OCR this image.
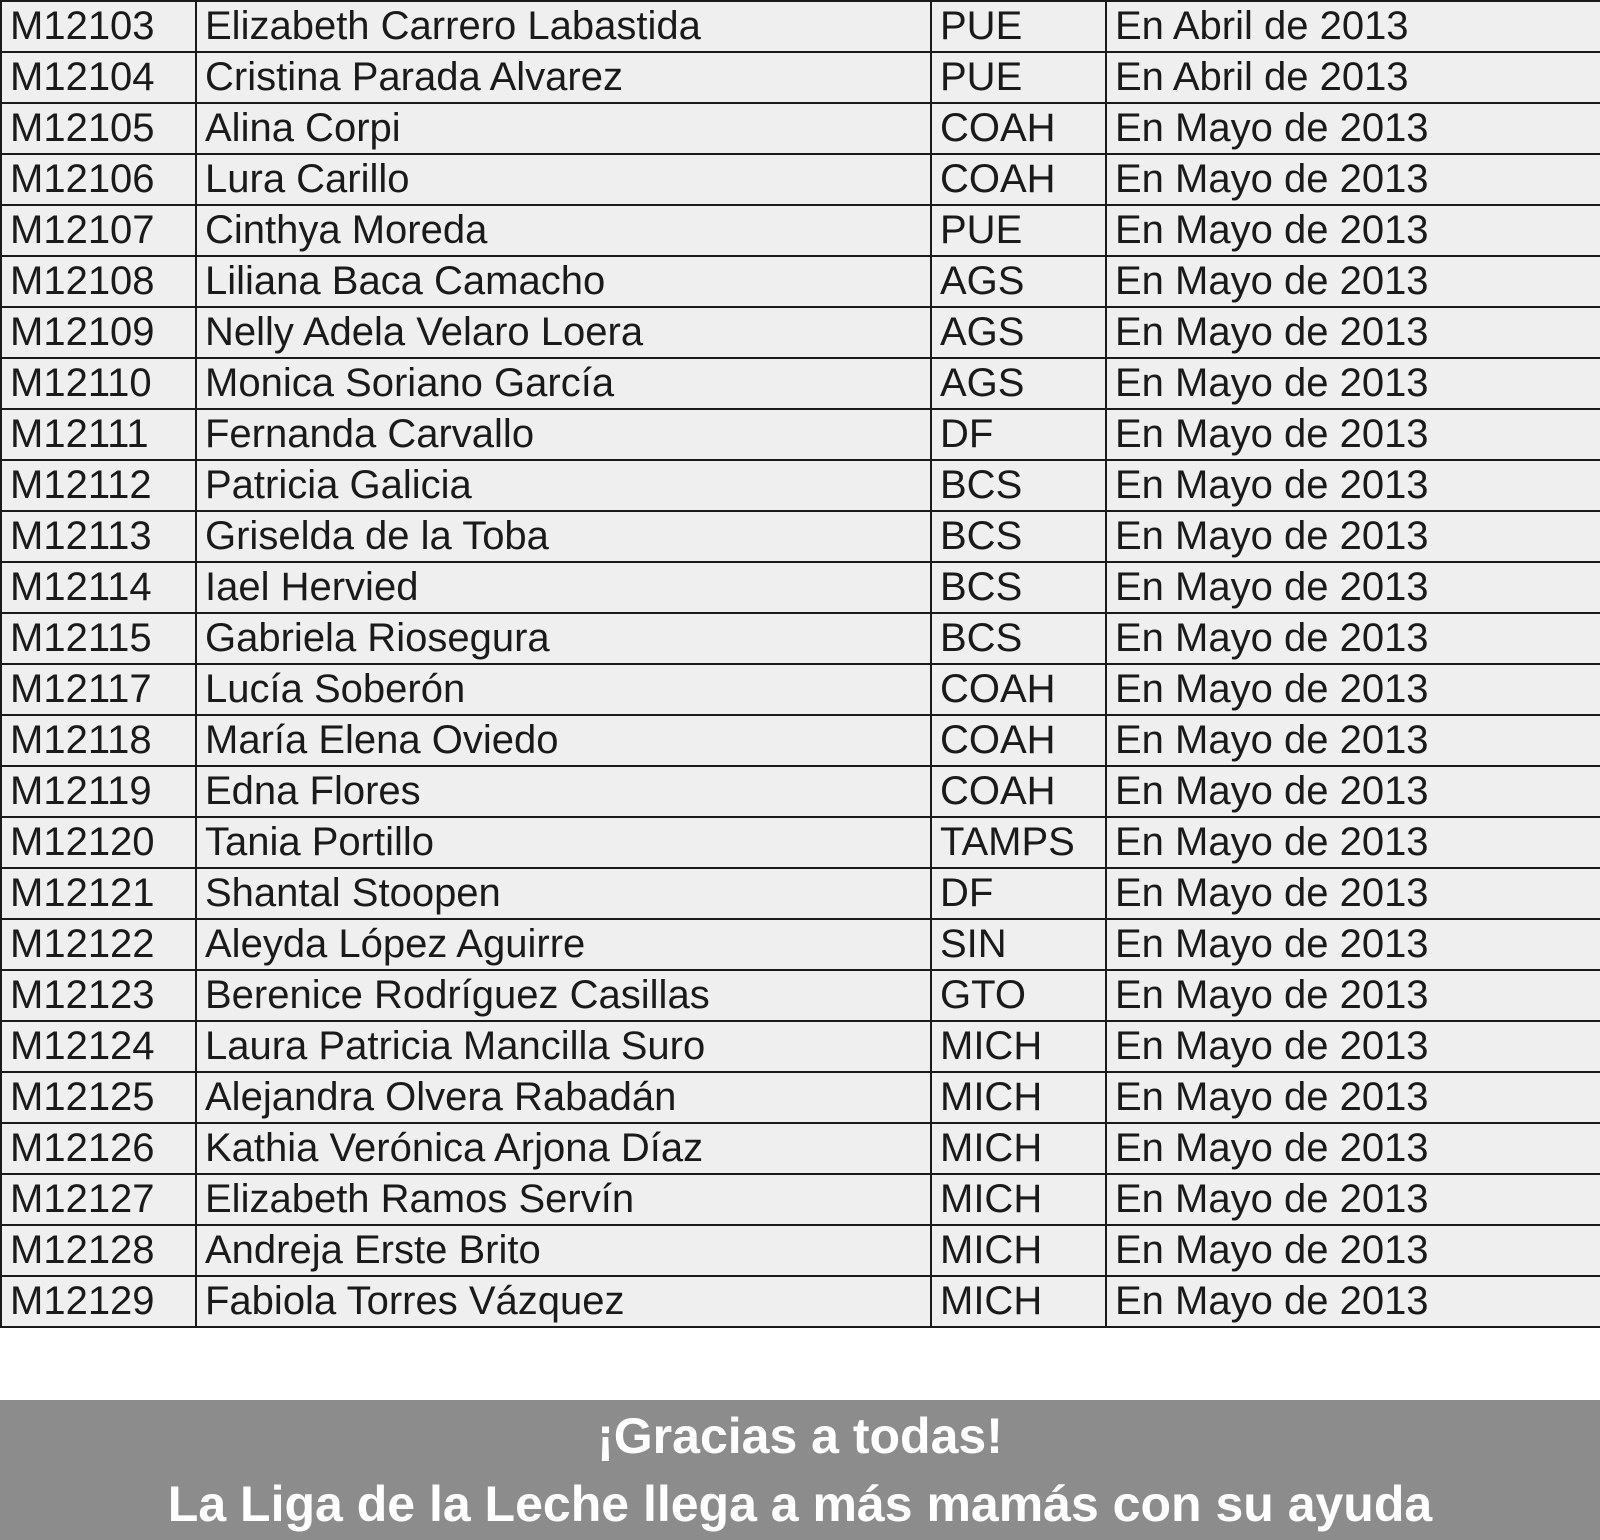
M12103	Elizabeth Carrero Labastida	PUE	En Abril de 2013
M12104	Cristina Parada Alvarez	PUE	En Abril de 2013
M12105	Alina Corpi	COAH	En Mayo de 2013
M12106	Lura Carillo	COAH	En Mayo de 2013
M12107	Cinthya Moreda	PUE	En Mayo de 2013
M12108	Liliana Baca Camacho	AGS	En Mayo de 2013
M12109	Nelly Adela Velaro Loera	AGS	En Mayo de 2013
M12110	Monica Soriano García	AGS	En Mayo de 2013
M12111	Fernanda Carvallo	DF	En Mayo de 2013
M12112	Patricia Galicia	BCS	En Mayo de 2013
M12113	Griselda de la Toba	BCS	En Mayo de 2013
M12114	Iael Hervied	BCS	En Mayo de 2013
M12115	Gabriela Riosegura	BCS	En Mayo de 2013
M12117	Lucía Soberón	COAH	En Mayo de 2013
M12118	María Elena Oviedo	COAH	En Mayo de 2013
M12119	Edna Flores	COAH	En Mayo de 2013
M12120	Tania Portillo	TAMPS	En Mayo de 2013
M12121	Shantal Stoopen	DF	En Mayo de 2013
M12122	Aleyda López Aguirre	SIN	En Mayo de 2013
M12123	Berenice Rodríguez Casillas	GTO	En Mayo de 2013
M12124	Laura Patricia Mancilla Suro	MICH	En Mayo de 2013
M12125	Alejandra Olvera Rabadán	MICH	En Mayo de 2013
M12126	Kathia Verónica Arjona Díaz	MICH	En Mayo de 2013
M12127	Elizabeth Ramos Servín	MICH	En Mayo de 2013
M12128	Andreja Erste Brito	MICH	En Mayo de 2013
M12129	Fabiola Torres Vázquez	MICH	En Mayo de 2013
¡Gracias a todas!
La Liga de la Leche llega a más mamás con su ayuda
